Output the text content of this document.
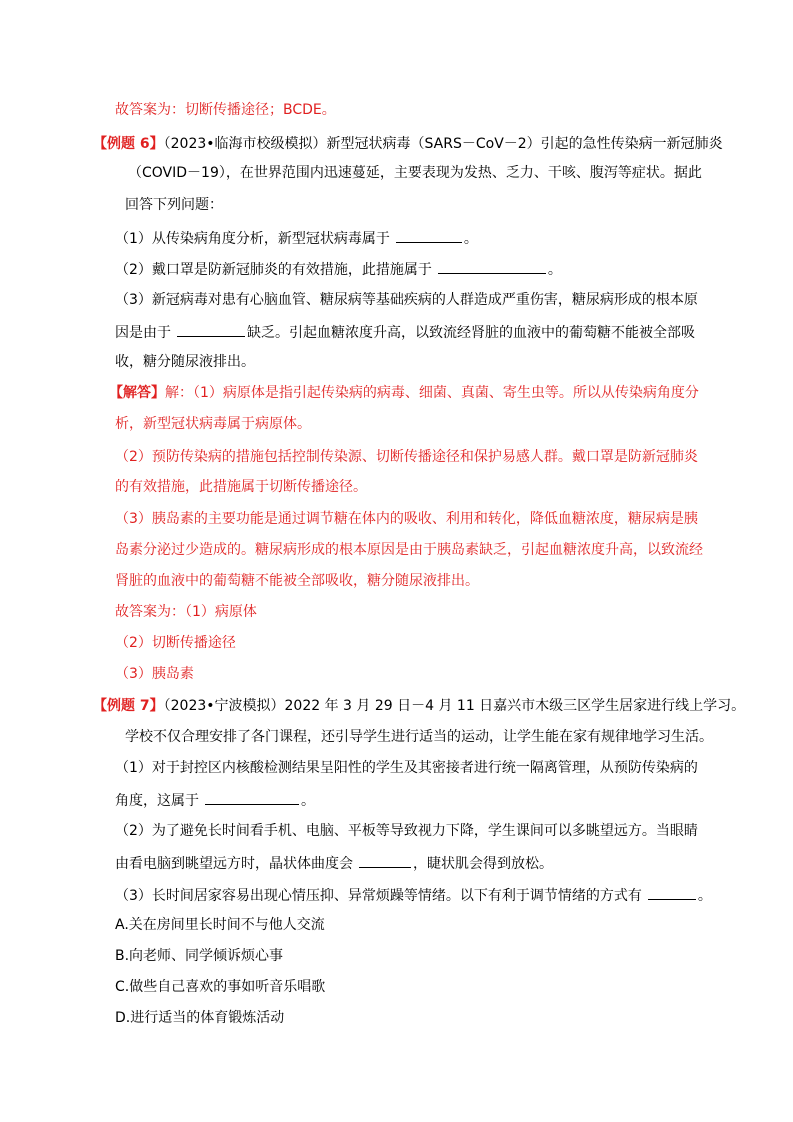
故答案为：切断传播途径；BCDE。
【例题 6】（2023•临海市校级模拟）新型冠状病毒（SARS－CoV－2）引起的急性传染病一新冠肺炎
（COVID－19），在世界范围内迅速蔓延，主要表现为发热、乏力、干咳、腹泻等症状。据此
回答下列问题：
（1）从传染病角度分析，新型冠状病毒属于	。
（2）戴口罩是防新冠肺炎的有效措施，此措施属于	。
（3）新冠病毒对患有心脑血管、糖尿病等基础疾病的人群造成严重伤害，糖尿病形成的根本原
因是由于	缺乏。引起血糖浓度升高，以致流经肾脏的血液中的葡萄糖不能被全部吸
收，糖分随尿液排出。
【解答】解：（1）病原体是指引起传染病的病毒、细菌、真菌、寄生虫等。所以从传染病角度分
析，新型冠状病毒属于病原体。
（2）预防传染病的措施包括控制传染源、切断传播途径和保护易感人群。戴口罩是防新冠肺炎
的有效措施，此措施属于切断传播途径。
（3）胰岛素的主要功能是通过调节糖在体内的吸收、利用和转化，降低血糖浓度，糖尿病是胰
岛素分泌过少造成的。糖尿病形成的根本原因是由于胰岛素缺乏，引起血糖浓度升高，以致流经
肾脏的血液中的葡萄糖不能被全部吸收，糖分随尿液排出。
故答案为：（1）病原体
（2）切断传播途径
（3）胰岛素
【例题 7】（2023•宁波模拟）2022 年 3 月 29 日－4 月 11 日嘉兴市木级三区学生居家进行线上学习。
学校不仅合理安排了各门课程，还引导学生进行适当的运动，让学生能在家有规律地学习生活。
（1）对于封控区内核酸检测结果呈阳性的学生及其密接者进行统一隔离管理，从预防传染病的
角度，这属于	。
（2）为了避免长时间看手机、电脑、平板等导致视力下降，学生课间可以多眺望远方。当眼睛
由看电脑到眺望远方时，晶状体曲度会	，睫状肌会得到放松。
（3）长时间居家容易出现心情压抑、异常烦躁等情绪。以下有利于调节情绪的方式有	。
A.关在房间里长时间不与他人交流
B.向老师、同学倾诉烦心事
C.做些自己喜欢的事如听音乐唱歌
D.进行适当的体育锻炼活动
